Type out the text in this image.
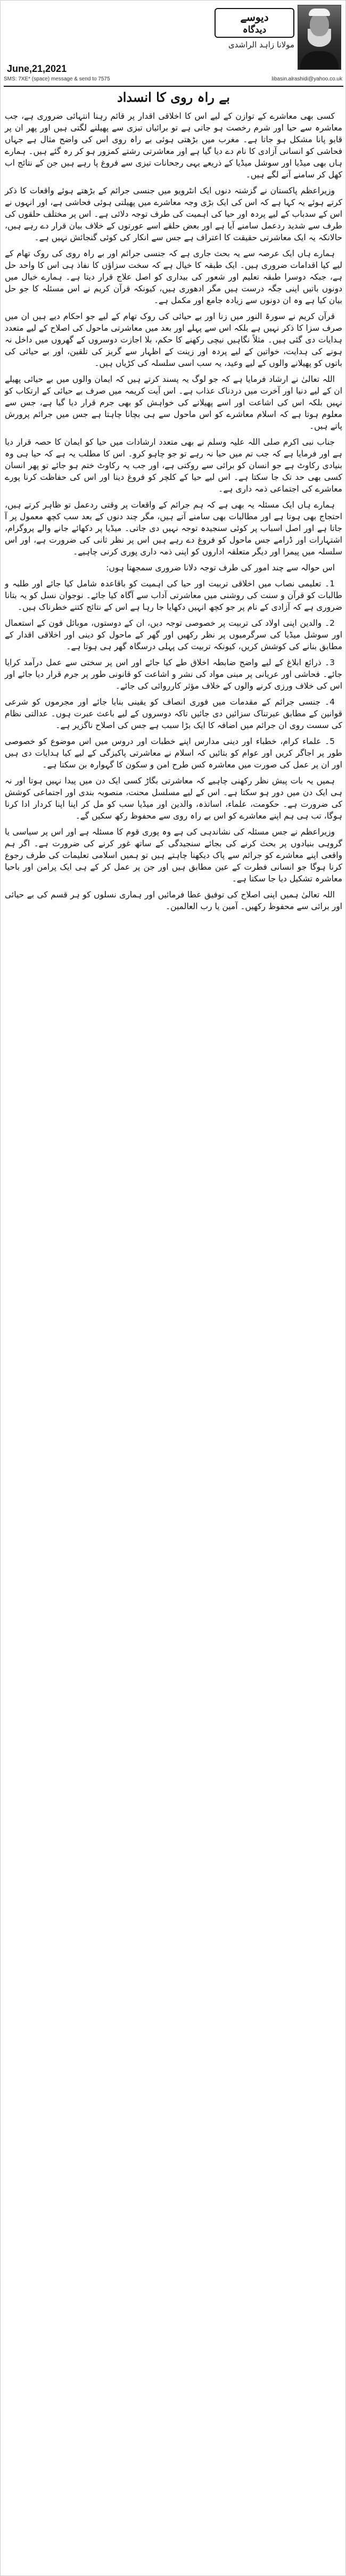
دیوسے
دیدگاہ
مولانا زاہد الراشدی
June,21,2021
SMS: 7XE* (space) message & send to 7575	libasin.alrashidi@yahoo.co.uk
بے راہ روی کا انسداد

کسی بھی معاشرے کے توازن کے لیے اس کا اخلاقی اقدار پر قائم رہنا انتہائی ضروری ہے، جب معاشرہ سے حیا اور شرم رخصت ہو جاتی ہے تو برائیاں تیزی سے پھیلنے لگتی ہیں اور پھر ان پر قابو پانا مشکل ہو جاتا ہے۔ مغرب میں بڑھتی ہوئی بے راہ روی اس کی واضح مثال ہے جہاں فحاشی کو انسانی آزادی کا نام دے دیا گیا ہے اور معاشرتی رشتے کمزور ہو کر رہ گئے ہیں۔ ہمارے ہاں بھی میڈیا اور سوشل میڈیا کے ذریعے یہی رجحانات تیزی سے فروغ پا رہے ہیں جن کے نتائج اب کھل کر سامنے آنے لگے ہیں۔

وزیراعظم پاکستان نے گزشتہ دنوں ایک انٹرویو میں جنسی جرائم کے بڑھتے ہوئے واقعات کا ذکر کرتے ہوئے یہ کہا ہے کہ اس کی ایک بڑی وجہ معاشرے میں پھیلتی ہوئی فحاشی ہے، اور انہوں نے اس کے سدباب کے لیے پردہ اور حیا کی اہمیت کی طرف توجہ دلائی ہے۔ اس پر مختلف حلقوں کی طرف سے شدید ردعمل سامنے آیا ہے اور بعض حلقے اسے عورتوں کے خلاف بیان قرار دے رہے ہیں، حالانکہ یہ ایک معاشرتی حقیقت کا اعتراف ہے جس سے انکار کی کوئی گنجائش نہیں ہے۔

ہمارے ہاں ایک عرصہ سے یہ بحث جاری ہے کہ جنسی جرائم اور بے راہ روی کی روک تھام کے لیے کیا اقدامات ضروری ہیں۔ ایک طبقہ کا خیال ہے کہ سخت سزاؤں کا نفاذ ہی اس کا واحد حل ہے، جبکہ دوسرا طبقہ تعلیم اور شعور کی بیداری کو اصل علاج قرار دیتا ہے۔ ہمارے خیال میں دونوں باتیں اپنی جگہ درست ہیں مگر ادھوری ہیں، کیونکہ قرآن کریم نے اس مسئلہ کا جو حل بیان کیا ہے وہ ان دونوں سے زیادہ جامع اور مکمل ہے۔

قرآن کریم نے سورۃ النور میں زنا اور بے حیائی کی روک تھام کے لیے جو احکام دیے ہیں ان میں صرف سزا کا ذکر نہیں ہے بلکہ اس سے پہلے اور بعد میں معاشرتی ماحول کی اصلاح کے لیے متعدد ہدایات دی گئی ہیں۔ مثلاً نگاہیں نیچی رکھنے کا حکم، بلا اجازت دوسروں کے گھروں میں داخل نہ ہونے کی ہدایت، خواتین کے لیے پردہ اور زینت کے اظہار سے گریز کی تلقین، اور بے حیائی کی باتوں کو پھیلانے والوں کے لیے وعید، یہ سب اسی سلسلہ کی کڑیاں ہیں۔

اللہ تعالیٰ نے ارشاد فرمایا ہے کہ جو لوگ یہ پسند کرتے ہیں کہ ایمان والوں میں بے حیائی پھیلے ان کے لیے دنیا اور آخرت میں دردناک عذاب ہے۔ اس آیت کریمہ میں صرف بے حیائی کے ارتکاب کو نہیں بلکہ اس کی اشاعت اور اسے پھیلانے کی خواہش کو بھی جرم قرار دیا گیا ہے، جس سے معلوم ہوتا ہے کہ اسلام معاشرے کو اس ماحول سے ہی بچانا چاہتا ہے جس میں جرائم پرورش پاتے ہیں۔

جناب نبی اکرم صلی اللہ علیہ وسلم نے بھی متعدد ارشادات میں حیا کو ایمان کا حصہ قرار دیا ہے اور فرمایا ہے کہ جب تم میں حیا نہ رہے تو جو چاہو کرو۔ اس کا مطلب یہ ہے کہ حیا ہی وہ بنیادی رکاوٹ ہے جو انسان کو برائی سے روکتی ہے، اور جب یہ رکاوٹ ختم ہو جائے تو پھر انسان کسی بھی حد تک جا سکتا ہے۔ اس لیے حیا کے کلچر کو فروغ دینا اور اس کی حفاظت کرنا پورے معاشرے کی اجتماعی ذمہ داری ہے۔

ہمارے ہاں ایک مسئلہ یہ بھی ہے کہ ہم جرائم کے واقعات پر وقتی ردعمل تو ظاہر کرتے ہیں، احتجاج بھی ہوتا ہے اور مطالبات بھی سامنے آتے ہیں، مگر چند دنوں کے بعد سب کچھ معمول پر آ جاتا ہے اور اصل اسباب پر کوئی سنجیدہ توجہ نہیں دی جاتی۔ میڈیا پر دکھائے جانے والے پروگرام، اشتہارات اور ڈرامے جس ماحول کو فروغ دے رہے ہیں اس پر نظر ثانی کی ضرورت ہے، اور اس سلسلہ میں پیمرا اور دیگر متعلقہ اداروں کو اپنی ذمہ داری پوری کرنی چاہیے۔

اس حوالہ سے چند امور کی طرف توجہ دلانا ضروری سمجھتا ہوں:

1۔ تعلیمی نصاب میں اخلاقی تربیت اور حیا کی اہمیت کو باقاعدہ شامل کیا جائے اور طلبہ و طالبات کو قرآن و سنت کی روشنی میں معاشرتی آداب سے آگاہ کیا جائے۔ نوجوان نسل کو یہ بتانا ضروری ہے کہ آزادی کے نام پر جو کچھ انہیں دکھایا جا رہا ہے اس کے نتائج کتنے خطرناک ہیں۔

2۔ والدین اپنی اولاد کی تربیت پر خصوصی توجہ دیں، ان کے دوستوں، موبائل فون کے استعمال اور سوشل میڈیا کی سرگرمیوں پر نظر رکھیں اور گھر کے ماحول کو دینی اور اخلاقی اقدار کے مطابق بنانے کی کوشش کریں، کیونکہ تربیت کی پہلی درسگاہ گھر ہی ہوتا ہے۔

3۔ ذرائع ابلاغ کے لیے واضح ضابطہ اخلاق طے کیا جائے اور اس پر سختی سے عمل درآمد کرایا جائے۔ فحاشی اور عریانی پر مبنی مواد کی نشر و اشاعت کو قانونی طور پر جرم قرار دیا جائے اور اس کی خلاف ورزی کرنے والوں کے خلاف مؤثر کارروائی کی جائے۔

4۔ جنسی جرائم کے مقدمات میں فوری انصاف کو یقینی بنایا جائے اور مجرموں کو شرعی قوانین کے مطابق عبرتناک سزائیں دی جائیں تاکہ دوسروں کے لیے باعث عبرت ہوں۔ عدالتی نظام کی سست روی ان جرائم میں اضافہ کا ایک بڑا سبب ہے جس کی اصلاح ناگزیر ہے۔

5۔ علماء کرام، خطباء اور دینی مدارس اپنے خطبات اور دروس میں اس موضوع کو خصوصی طور پر اجاگر کریں اور عوام کو بتائیں کہ اسلام نے معاشرتی پاکیزگی کے لیے کیا ہدایات دی ہیں اور ان پر عمل کی صورت میں معاشرہ کس طرح امن و سکون کا گہوارہ بن سکتا ہے۔

ہمیں یہ بات پیش نظر رکھنی چاہیے کہ معاشرتی بگاڑ کسی ایک دن میں پیدا نہیں ہوتا اور نہ ہی ایک دن میں دور ہو سکتا ہے۔ اس کے لیے مسلسل محنت، منصوبہ بندی اور اجتماعی کوشش کی ضرورت ہے۔ حکومت، علماء، اساتذہ، والدین اور میڈیا سب کو مل کر اپنا اپنا کردار ادا کرنا ہوگا، تب ہی ہم اپنے معاشرے کو اس بے راہ روی سے محفوظ رکھ سکیں گے۔

وزیراعظم نے جس مسئلہ کی نشاندہی کی ہے وہ پوری قوم کا مسئلہ ہے اور اس پر سیاسی یا گروہی بنیادوں پر بحث کرنے کی بجائے سنجیدگی کے ساتھ غور کرنے کی ضرورت ہے۔ اگر ہم واقعی اپنے معاشرے کو جرائم سے پاک دیکھنا چاہتے ہیں تو ہمیں اسلامی تعلیمات کی طرف رجوع کرنا ہوگا جو انسانی فطرت کے عین مطابق ہیں اور جن پر عمل کر کے ہی ایک پرامن اور باحیا معاشرہ تشکیل دیا جا سکتا ہے۔

اللہ تعالیٰ ہمیں اپنی اصلاح کی توفیق عطا فرمائیں اور ہماری نسلوں کو ہر قسم کی بے حیائی اور برائی سے محفوظ رکھیں۔ آمین یا رب العالمین۔
